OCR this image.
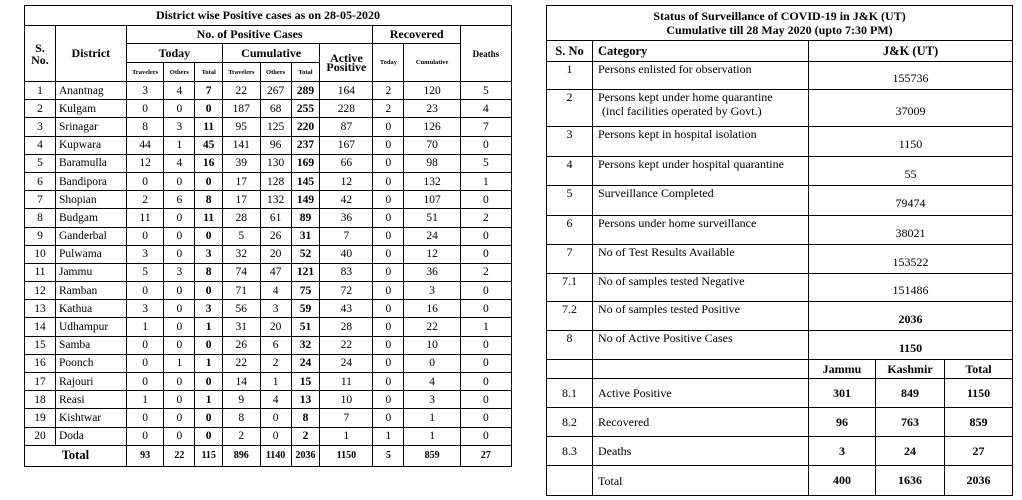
District wise Positive cases as on 28-05-2020											
S.
No.	District	No. of Positive Cases							Recovered		Deaths
		Today			Cumulative			Active Positive	Today	Cumulative	
		Travelers	Others	Total	Travelers	Others	Total				
1	Anantnag	3	4	7	22	267	289	164	2	120	5
2	Kulgam	0	0	0	187	68	255	228	2	23	4
3	Srinagar	8	3	11	95	125	220	87	0	126	7
4	Kupwara	44	1	45	141	96	237	167	0	70	0
5	Baramulla	12	4	16	39	130	169	66	0	98	5
6	Bandipora	0	0	0	17	128	145	12	0	132	1
7	Shopian	2	6	8	17	132	149	42	0	107	0
8	Budgam	11	0	11	28	61	89	36	0	51	2
9	Ganderbal	0	0	0	5	26	31	7	0	24	0
10	Pulwama	3	0	3	32	20	52	40	0	12	0
11	Jammu	5	3	8	74	47	121	83	0	36	2
12	Ramban	0	0	0	71	4	75	72	0	3	0
13	Kathua	3	0	3	56	3	59	43	0	16	0
14	Udhampur	1	0	1	31	20	51	28	0	22	1
15	Samba	0	0	0	26	6	32	22	0	10	0
16	Poonch	0	1	1	22	2	24	24	0	0	0
17	Rajouri	0	0	0	14	1	15	11	0	4	0
18	Reasi	1	0	1	9	4	13	10	0	3	0
19	Kishtwar	0	0	0	8	0	8	7	0	1	0
20	Doda	0	0	0	2	0	2	1	1	1	0
Total		93	22	115	896	1140	2036	1150	5	859	27
Status of Surveillance of COVID-19 in J&K (UT)
Cumulative till 28 May 2020 (upto 7:30 PM)				
S. No	Category	J&K (UT)		
1	Persons enlisted for observation	155736		
2	Persons kept under home quarantine
(incl facilities operated by Govt.)	37009		
3	Persons kept in hospital isolation	1150		
4	Persons kept under hospital quarantine	55		
5	Surveillance Completed	79474		
6	Persons under home surveillance	38021		
7	No of Test Results Available	153522		
7.1	No of samples tested Negative	151486		
7.2	No of samples tested Positive	2036		
8	No of Active Positive Cases	1150		
		Jammu	Kashmir	Total
8.1	Active Positive	301	849	1150
8.2	Recovered	96	763	859
8.3	Deaths	3	24	27
	Total	400	1636	2036
